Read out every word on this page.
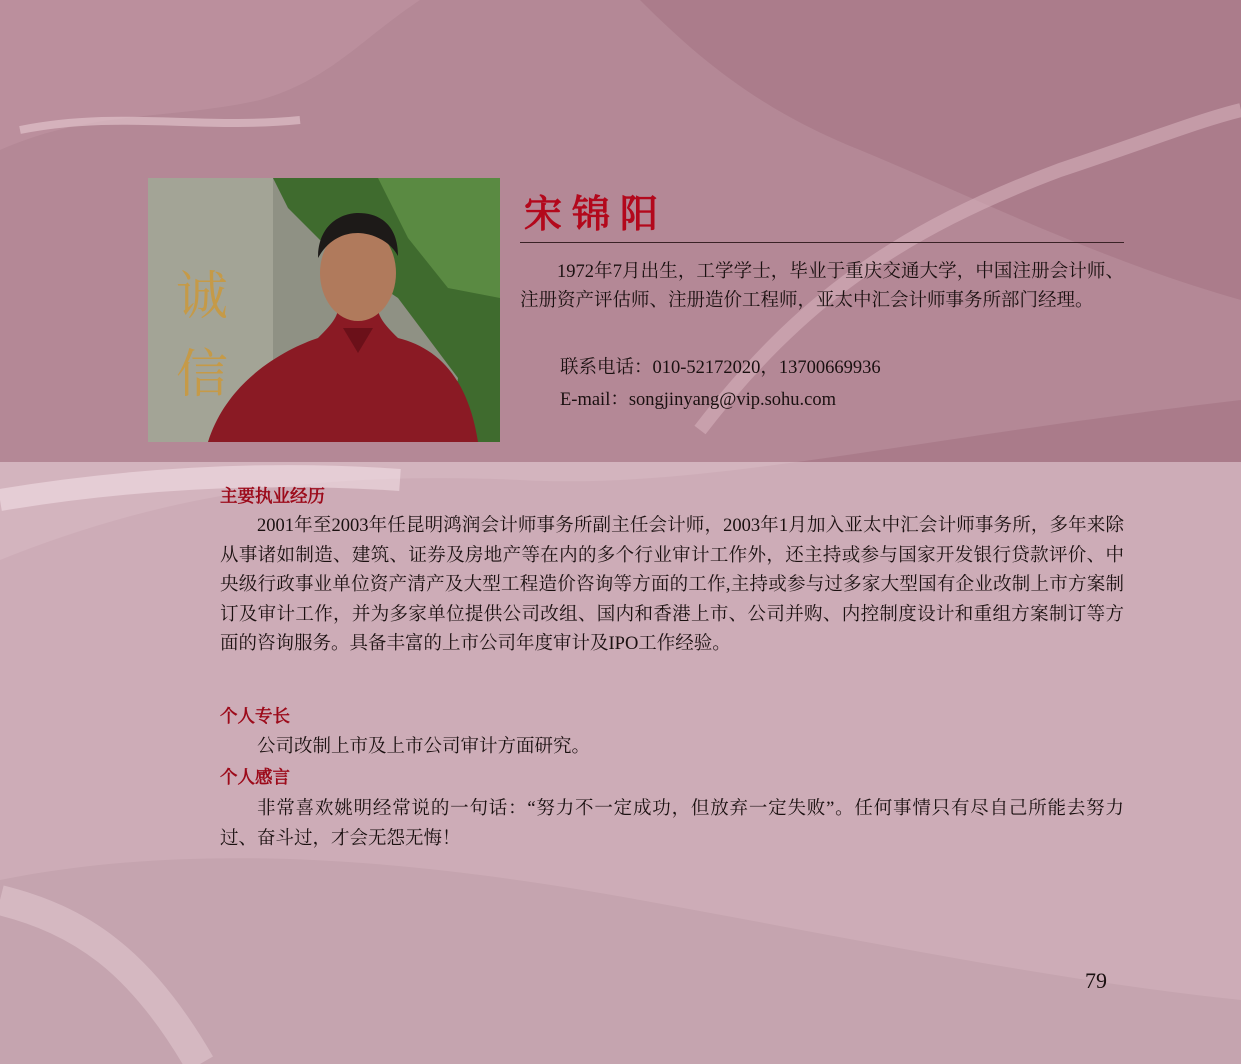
诚信
宋锦阳

1972年7月出生，工学学士，毕业于重庆交通大学，中国注册会计师、注册资产评估师、注册造价工程师，亚太中汇会计师事务所部门经理。

联系电话：010-52172020，13700669936

E-mail：songjinyang@vip.sohu.com

主要执业经历

2001年至2003年任昆明鸿润会计师事务所副主任会计师，2003年1月加入亚太中汇会计师事务所，多年来除从事诸如制造、建筑、证券及房地产等在内的多个行业审计工作外，还主持或参与国家开发银行贷款评价、中央级行政事业单位资产清产及大型工程造价咨询等方面的工作,主持或参与过多家大型国有企业改制上市方案制订及审计工作，并为多家单位提供公司改组、国内和香港上市、公司并购、内控制度设计和重组方案制订等方面的咨询服务。具备丰富的上市公司年度审计及IPO工作经验。

个人专长

公司改制上市及上市公司审计方面研究。

个人感言

非常喜欢姚明经常说的一句话：“努力不一定成功，但放弃一定失败”。任何事情只有尽自己所能去努力过、奋斗过，才会无怨无悔！

79
